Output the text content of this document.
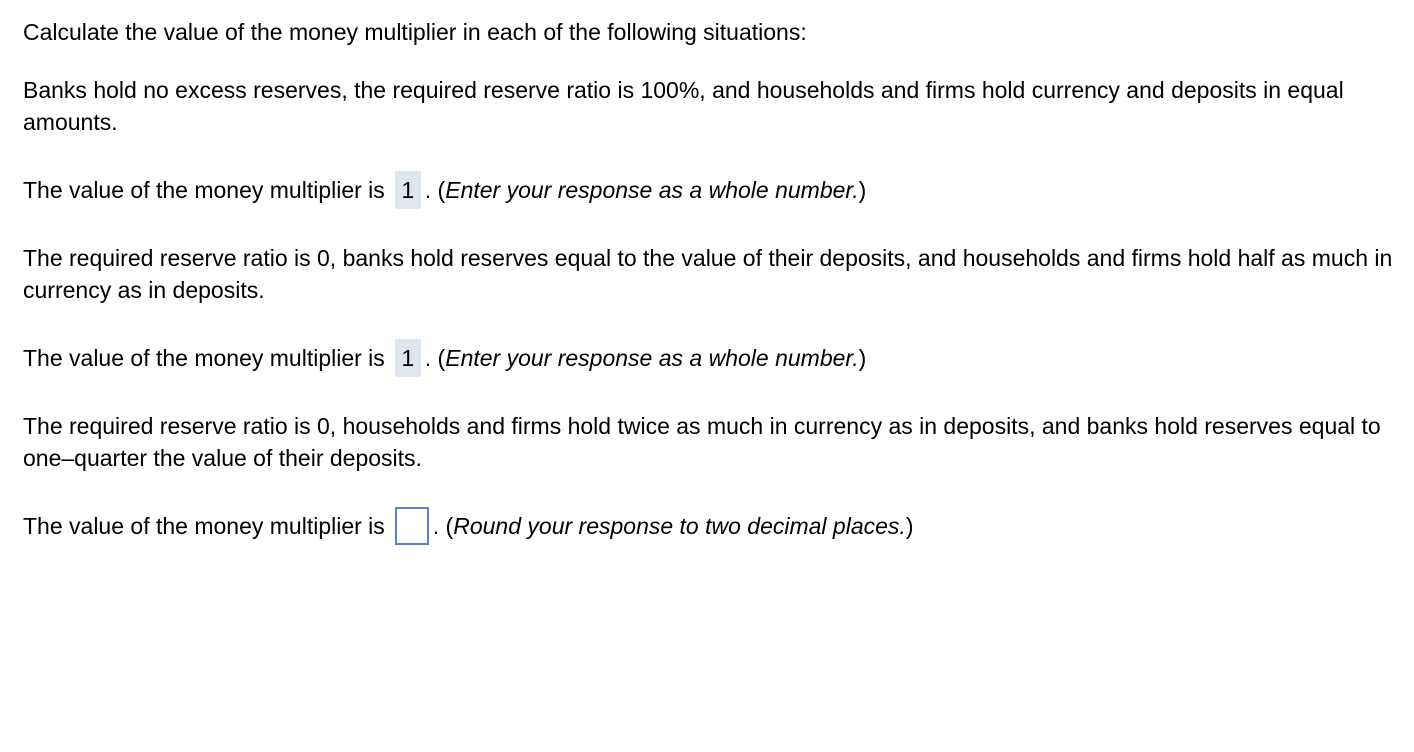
Calculate the value of the money multiplier in each of the following situations:

Banks hold no excess reserves, the required reserve ratio is 100%, and households and firms hold currency and deposits in equal amounts.

The value of the money multiplier is 1 . (Enter your response as a whole number.)

The required reserve ratio is 0, banks hold reserves equal to the value of their deposits, and households and firms hold half as much in currency as in deposits.

The value of the money multiplier is 1 . (Enter your response as a whole number.)

The required reserve ratio is 0, households and firms hold twice as much in currency as in deposits, and banks hold reserves equal to one–quarter the value of their deposits.

The value of the money multiplier is . (Round your response to two decimal places.)
